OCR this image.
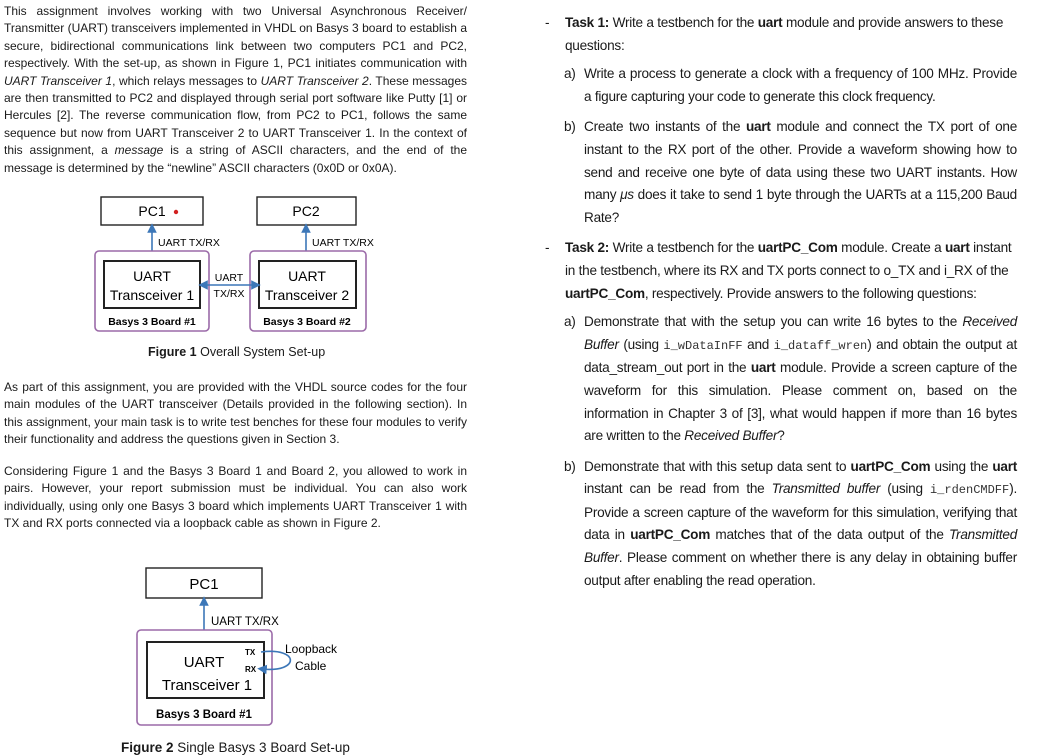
This assignment involves working with two Universal Asynchronous Receiver/ Transmitter (UART) transceivers implemented in VHDL on Basys 3 board to establish a secure, bidirectional communications link between two computers PC1 and PC2, respectively. With the set-up, as shown in Figure 1, PC1 initiates communication with UART Transceiver 1, which relays messages to UART Transceiver 2. These messages are then transmitted to PC2 and displayed through serial port software like Putty [1] or Hercules [2]. The reverse communication flow, from PC2 to PC1, follows the same sequence but now from UART Transceiver 2 to UART Transceiver 1. In the context of this assignment, a message is a string of ASCII characters, and the end of the message is determined by the “newline” ASCII characters (0x0D or 0x0A).

PC1	PC2
UART TX/RX	UART TX/RX
UART
Transceiver 1
Basys 3 Board #1
UART
Transceiver 2
Basys 3 Board #2
UART
TX/RX
Figure 1 Overall System Set-up

As part of this assignment, you are provided with the VHDL source codes for the four main modules of the UART transceiver (Details provided in the following section). In this assignment, your main task is to write test benches for these four modules to verify their functionality and address the questions given in Section 3.

Considering Figure 1 and the Basys 3 Board 1 and Board 2, you allowed to work in pairs. However, your report submission must be individual. You can also work individually, using only one Basys 3 board which implements UART Transceiver 1 with TX and RX ports connected via a loopback cable as shown in Figure 2.

PC1
UART TX/RX
UART
Transceiver 1
TX
RX
Loopback
Cable
Basys 3 Board #1
Figure 2 Single Basys 3 Board Set-up
- Task 1: Write a testbench for the uart module and provide answers to these questions:
a) Write a process to generate a clock with a frequency of 100 MHz. Provide a figure capturing your code to generate this clock frequency.
b) Create two instants of the uart module and connect the TX port of one instant to the RX port of the other. Provide a waveform showing how to send and receive one byte of data using these two UART instants. How many μs does it take to send 1 byte through the UARTs at a 115,200 Baud Rate?
- Task 2: Write a testbench for the uartPC_Com module. Create a uart instant in the testbench, where its RX and TX ports connect to o_TX and i_RX of the uartPC_Com, respectively. Provide answers to the following questions:
a) Demonstrate that with the setup you can write 16 bytes to the Received Buffer (using i_wDataInFF and i_dataff_wren) and obtain the output at data_stream_out port in the uart module. Provide a screen capture of the waveform for this simulation. Please comment on, based on the information in Chapter 3 of [3], what would happen if more than 16 bytes are written to the Received Buffer?
b) Demonstrate that with this setup data sent to uartPC_Com using the uart instant can be read from the Transmitted buffer (using i_rdenCMDFF). Provide a screen capture of the waveform for this simulation, verifying that data in uartPC_Com matches that of the data output of the Transmitted Buffer. Please comment on whether there is any delay in obtaining buffer output after enabling the read operation.
